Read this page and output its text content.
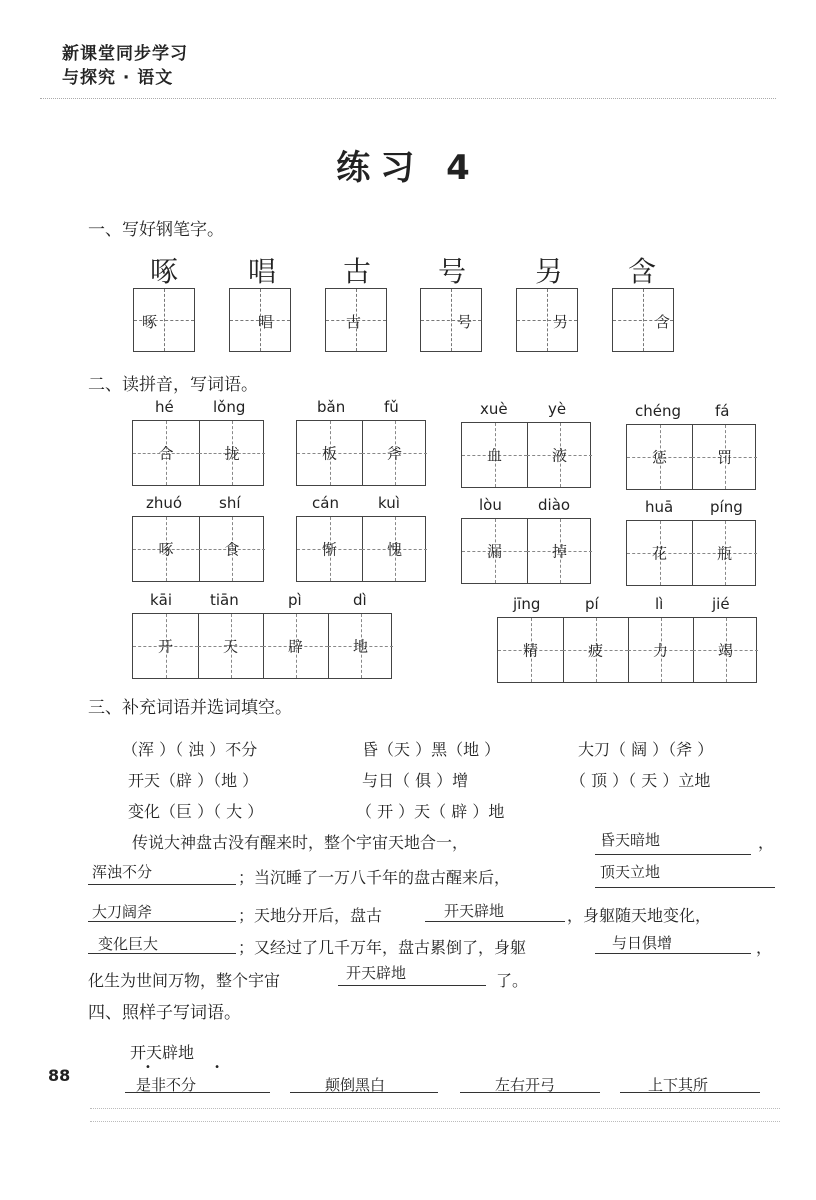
新课堂同步学习
与探究 · 语文
练习 4
一、写好钢笔字。
啄 唱 古 号 另 含
啄	唱	古	号	另	含
二、读拼音，写词语。
hé	lǒng	bǎn	fǔ	xuè	yè	chéng fá
合	拢	板	斧	血	液	惩	罚
zhuó shí	cán	kuì	lòu diào	huā píng
啄	食	惭	愧	漏	掉	花	瓶
kāi	tiān	pì	dì	jīng	pí	lì	jié
开	天	辟	地	精	疲	力	竭
三、补充词语并选词填空。
（浑 ）（ 浊 ）不分	昏（天 ）黑（地 ）	大刀（ 阔 ）（斧 ）
开天（辟 ）（地 ）	与日（ 俱 ）增	（ 顶 ）（ 天 ）立地
变化（巨 ）（ 大 ）	（ 开 ）天（ 辟 ）地
传说大神盘古没有醒来时，整个宇宙天地合一，	昏天暗地	，
浑浊不分	；当沉睡了一万八千年的盘古醒来后，	顶天立地
大刀阔斧	；天地分开后，盘古	开天辟地	，身躯随天地变化，
变化巨大	；又经过了几千万年，盘古累倒了，身躯	与日俱增	，
化生为世间万物，整个宇宙	开天辟地	了。
四、照样子写词语。
开天辟地
• •
是非不分	颠倒黑白	左右开弓	上下其所
88
